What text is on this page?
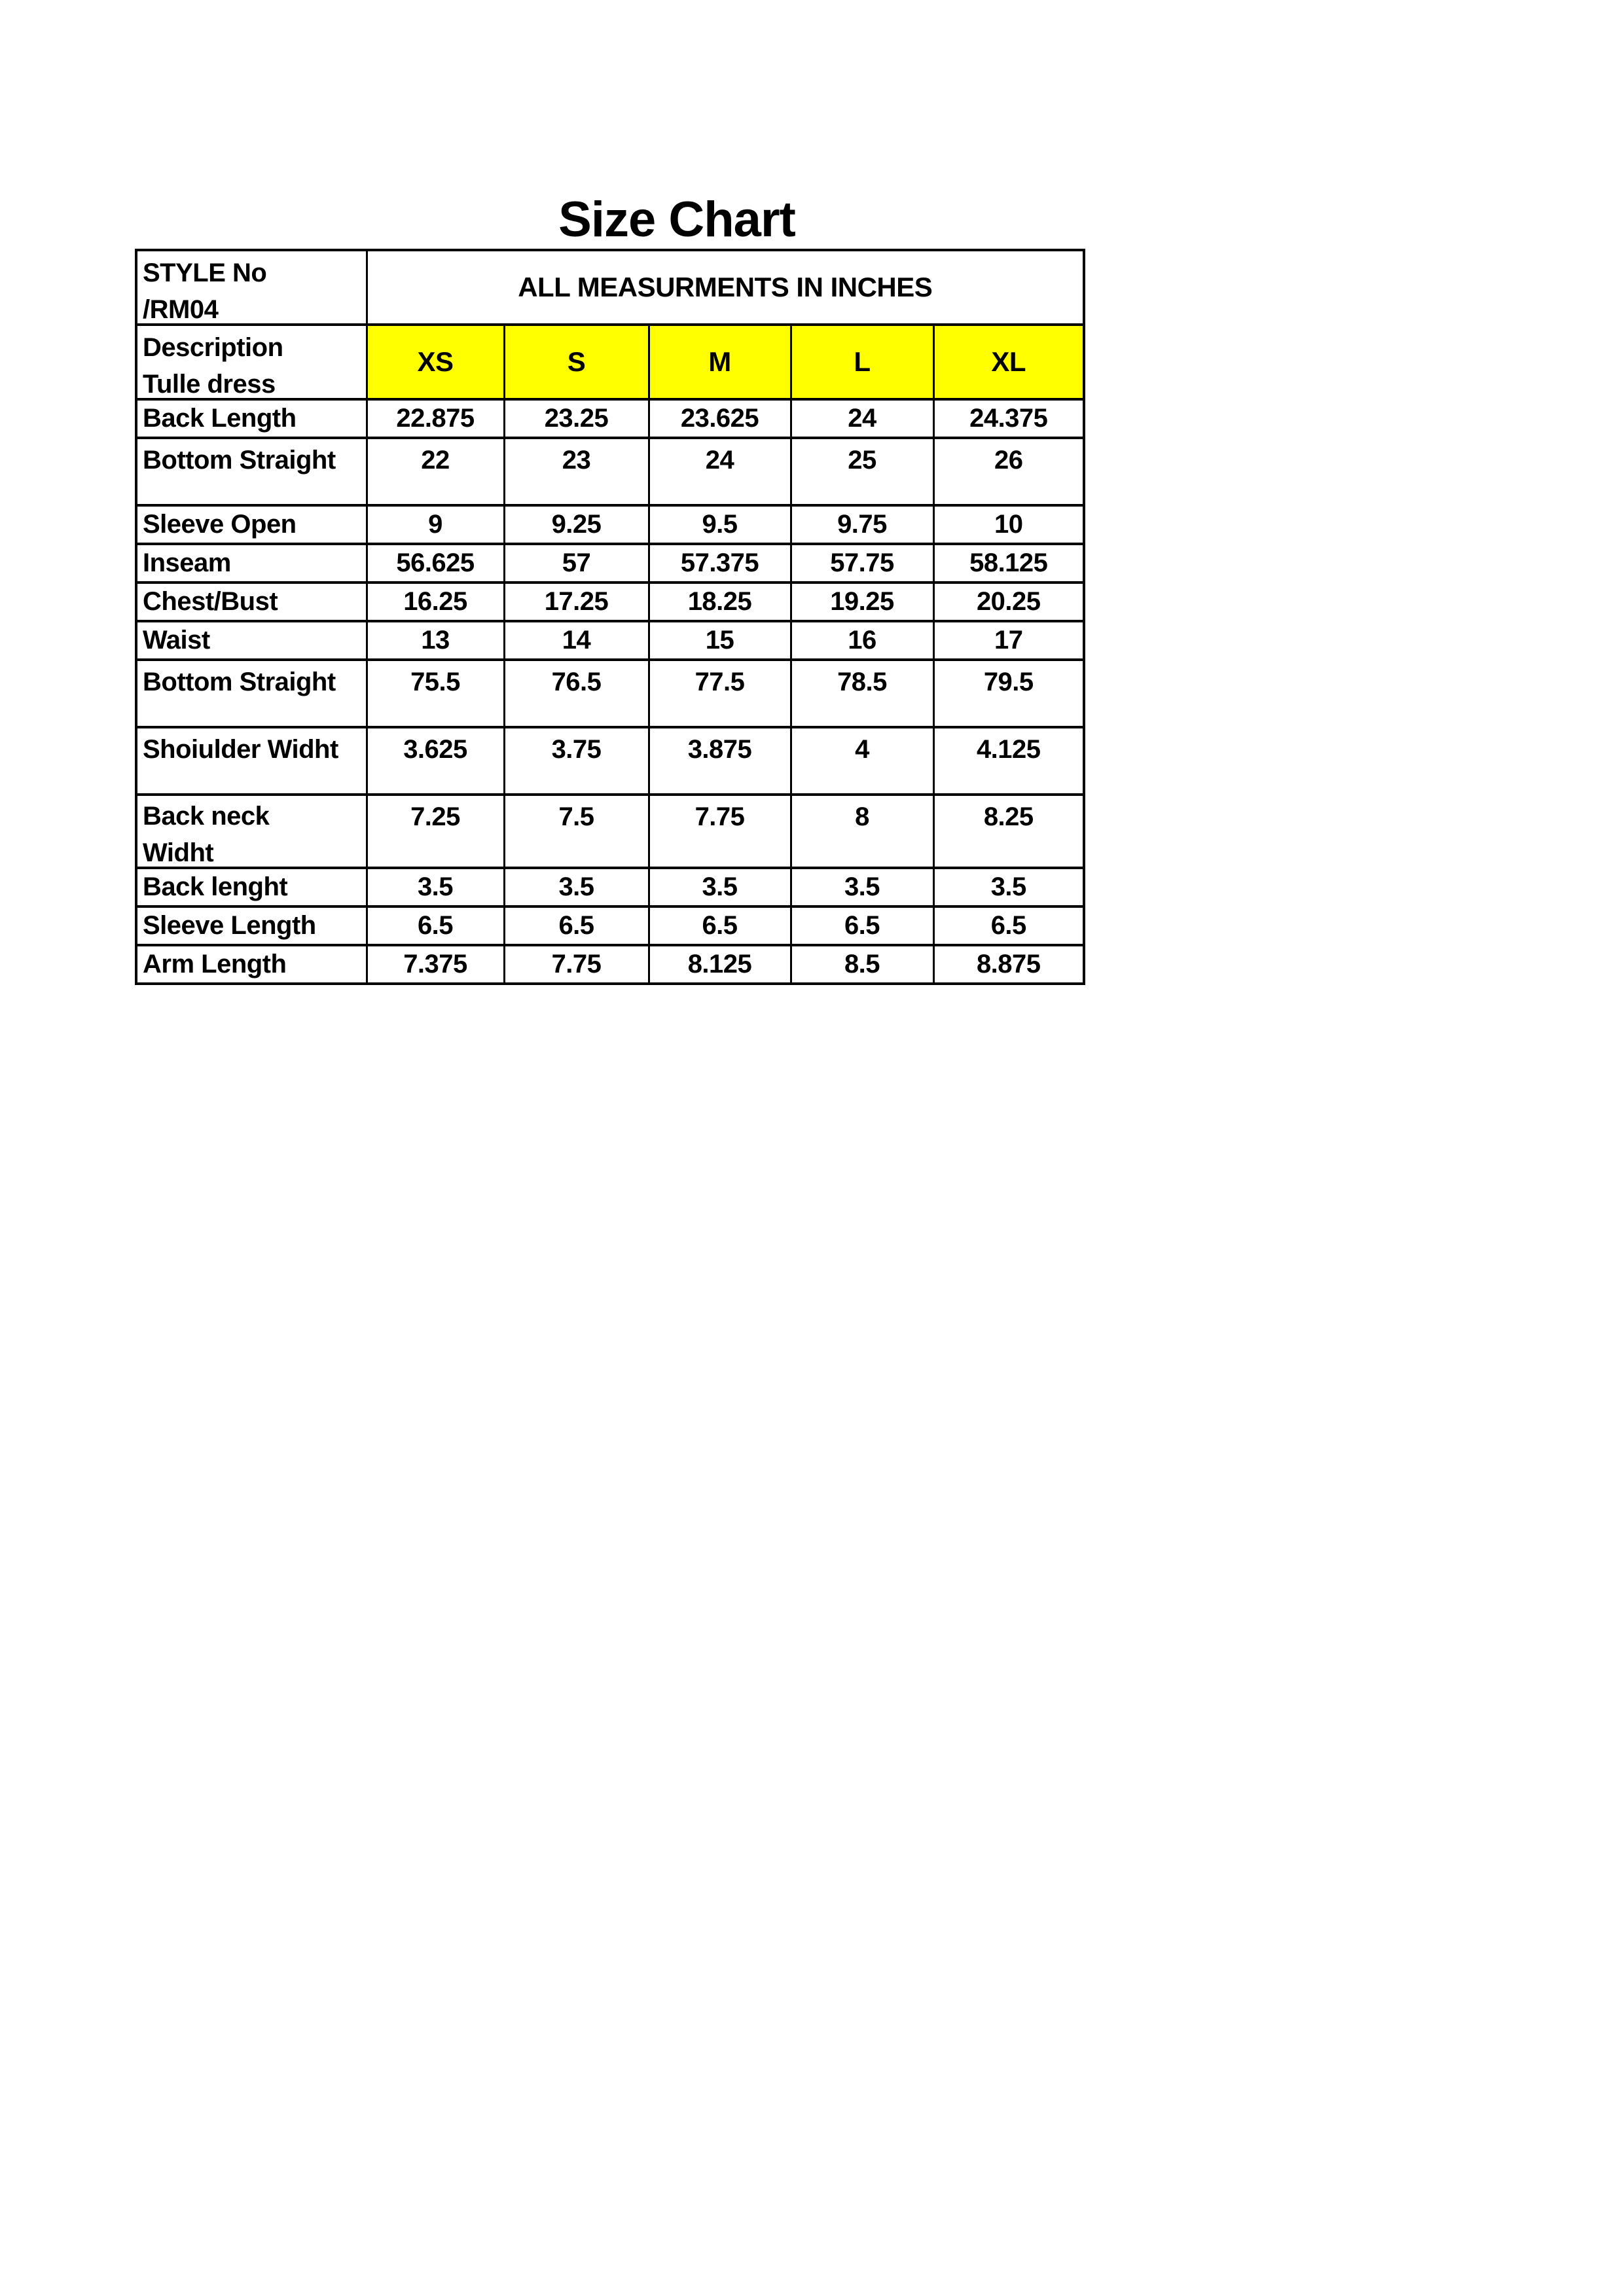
Size Chart
STYLE No
/RM04	ALL MEASURMENTS IN INCHES				

Description
Tulle dress	XS	S	M	L	XL
Back Length	22.875	23.25	23.625	24	24.375
Bottom Straight	22	23	24	25	26
Sleeve Open	9	9.25	9.5	9.75	10
Inseam	56.625	57	57.375	57.75	58.125
Chest/Bust	16.25	17.25	18.25	19.25	20.25
Waist	13	14	15	16	17
Bottom Straight	75.5	76.5	77.5	78.5	79.5
Shoiulder Widht	3.625	3.75	3.875	4	4.125

Back neck
Widht	7.25	7.5	7.75	8	8.25
Back lenght	3.5	3.5	3.5	3.5	3.5
Sleeve Length	6.5	6.5	6.5	6.5	6.5
Arm Length	7.375	7.75	8.125	8.5	8.875
